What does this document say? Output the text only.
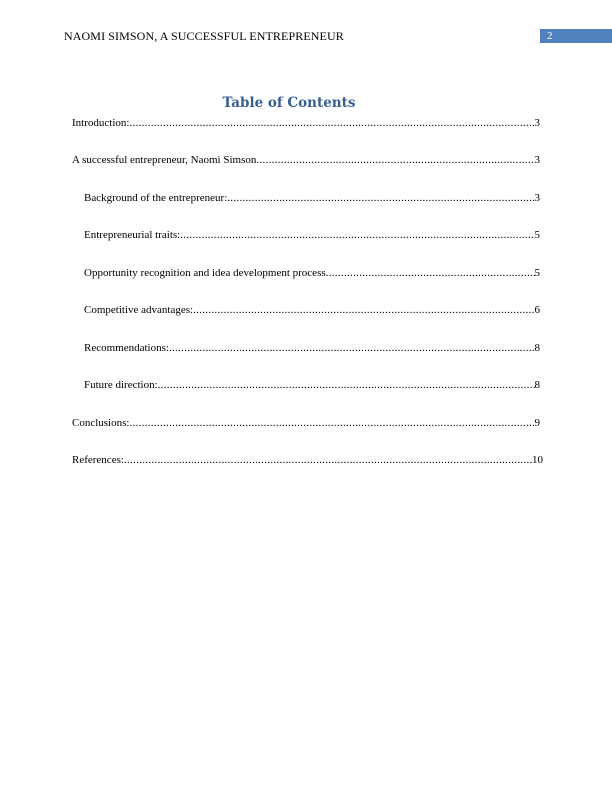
NAOMI SIMSON, A SUCCESSFUL ENTREPRENEUR	2
Table of Contents
Introduction: .....	3
A successful entrepreneur, Naomi Simson .....	3
Background of the entrepreneur: .....	3
Entrepreneurial traits: .....	5
Opportunity recognition and idea development process .....	5
Competitive advantages: .....	6
Recommendations: .....	8
Future direction: .....	8
Conclusions: .....	9
References: .....	10
